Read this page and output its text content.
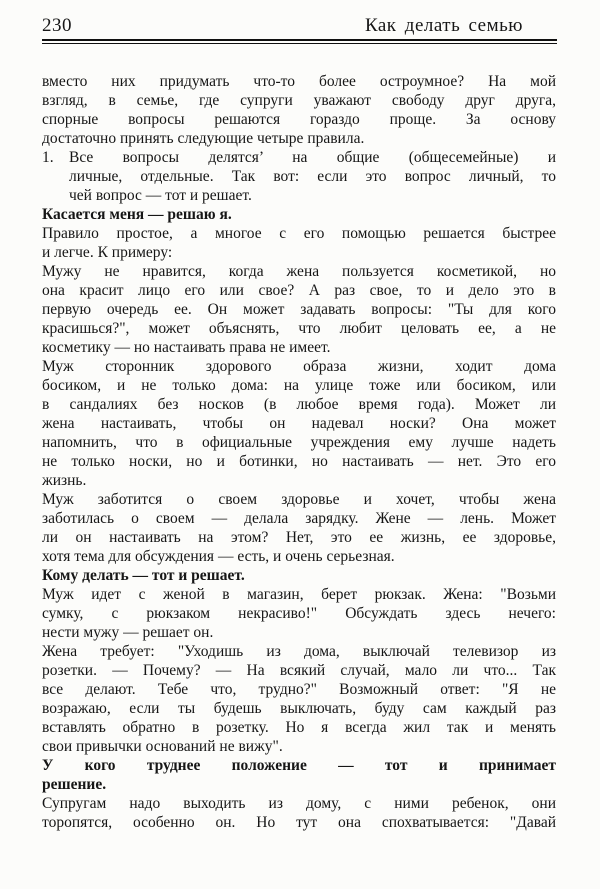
230	Как делать семью
вместо них придумать что-то более остроумное? На мой
взгляд, в семье, где супруги уважают свободу друг друга,
спорные вопросы решаются гораздо проще. За основу
достаточно принять следующие четыре правила.
1. Все вопросы делятся’ на общие (общесемейные) и
личные, отдельные. Так вот: если это вопрос личный, то
чей вопрос — тот и решает.
Касается меня — решаю я.
Правило простое, а многое с его помощью решается быстрее
и легче. К примеру:
Мужу не нравится, когда жена пользуется косметикой, но
она красит лицо его или свое? А раз свое, то и дело это в
первую очередь ее. Он может задавать вопросы: "Ты для кого
красишься?", может объяснять, что любит целовать ее, а не
косметику — но настаивать права не имеет.
Муж сторонник здорового образа жизни, ходит дома
босиком, и не только дома: на улице тоже или босиком, или
в сандалиях без носков (в любое время года). Может ли
жена настаивать, чтобы он надевал носки? Она может
напомнить, что в официальные учреждения ему лучше надеть
не только носки, но и ботинки, но настаивать — нет. Это его
жизнь.
Муж заботится о своем здоровье и хочет, чтобы жена
заботилась о своем — делала зарядку. Жене — лень. Может
ли он настаивать на этом? Нет, это ее жизнь, ее здоровье,
хотя тема для обсуждения — есть, и очень серьезная.
Кому делать — тот и решает.
Муж идет с женой в магазин, берет рюкзак. Жена: "Возьми
сумку, с рюкзаком некрасиво!" Обсуждать здесь нечего:
нести мужу — решает он.
Жена требует: "Уходишь из дома, выключай телевизор из
розетки. — Почему? — На всякий случай, мало ли что... Так
все делают. Тебе что, трудно?" Возможный ответ: "Я не
возражаю, если ты будешь выключать, буду сам каждый раз
вставлять обратно в розетку. Но я всегда жил так и менять
свои привычки оснований не вижу".
У кого труднее положение — тот и принимает
решение.
Супругам надо выходить из дому, с ними ребенок, они
торопятся, особенно он. Но тут она спохватывается: "Давай
